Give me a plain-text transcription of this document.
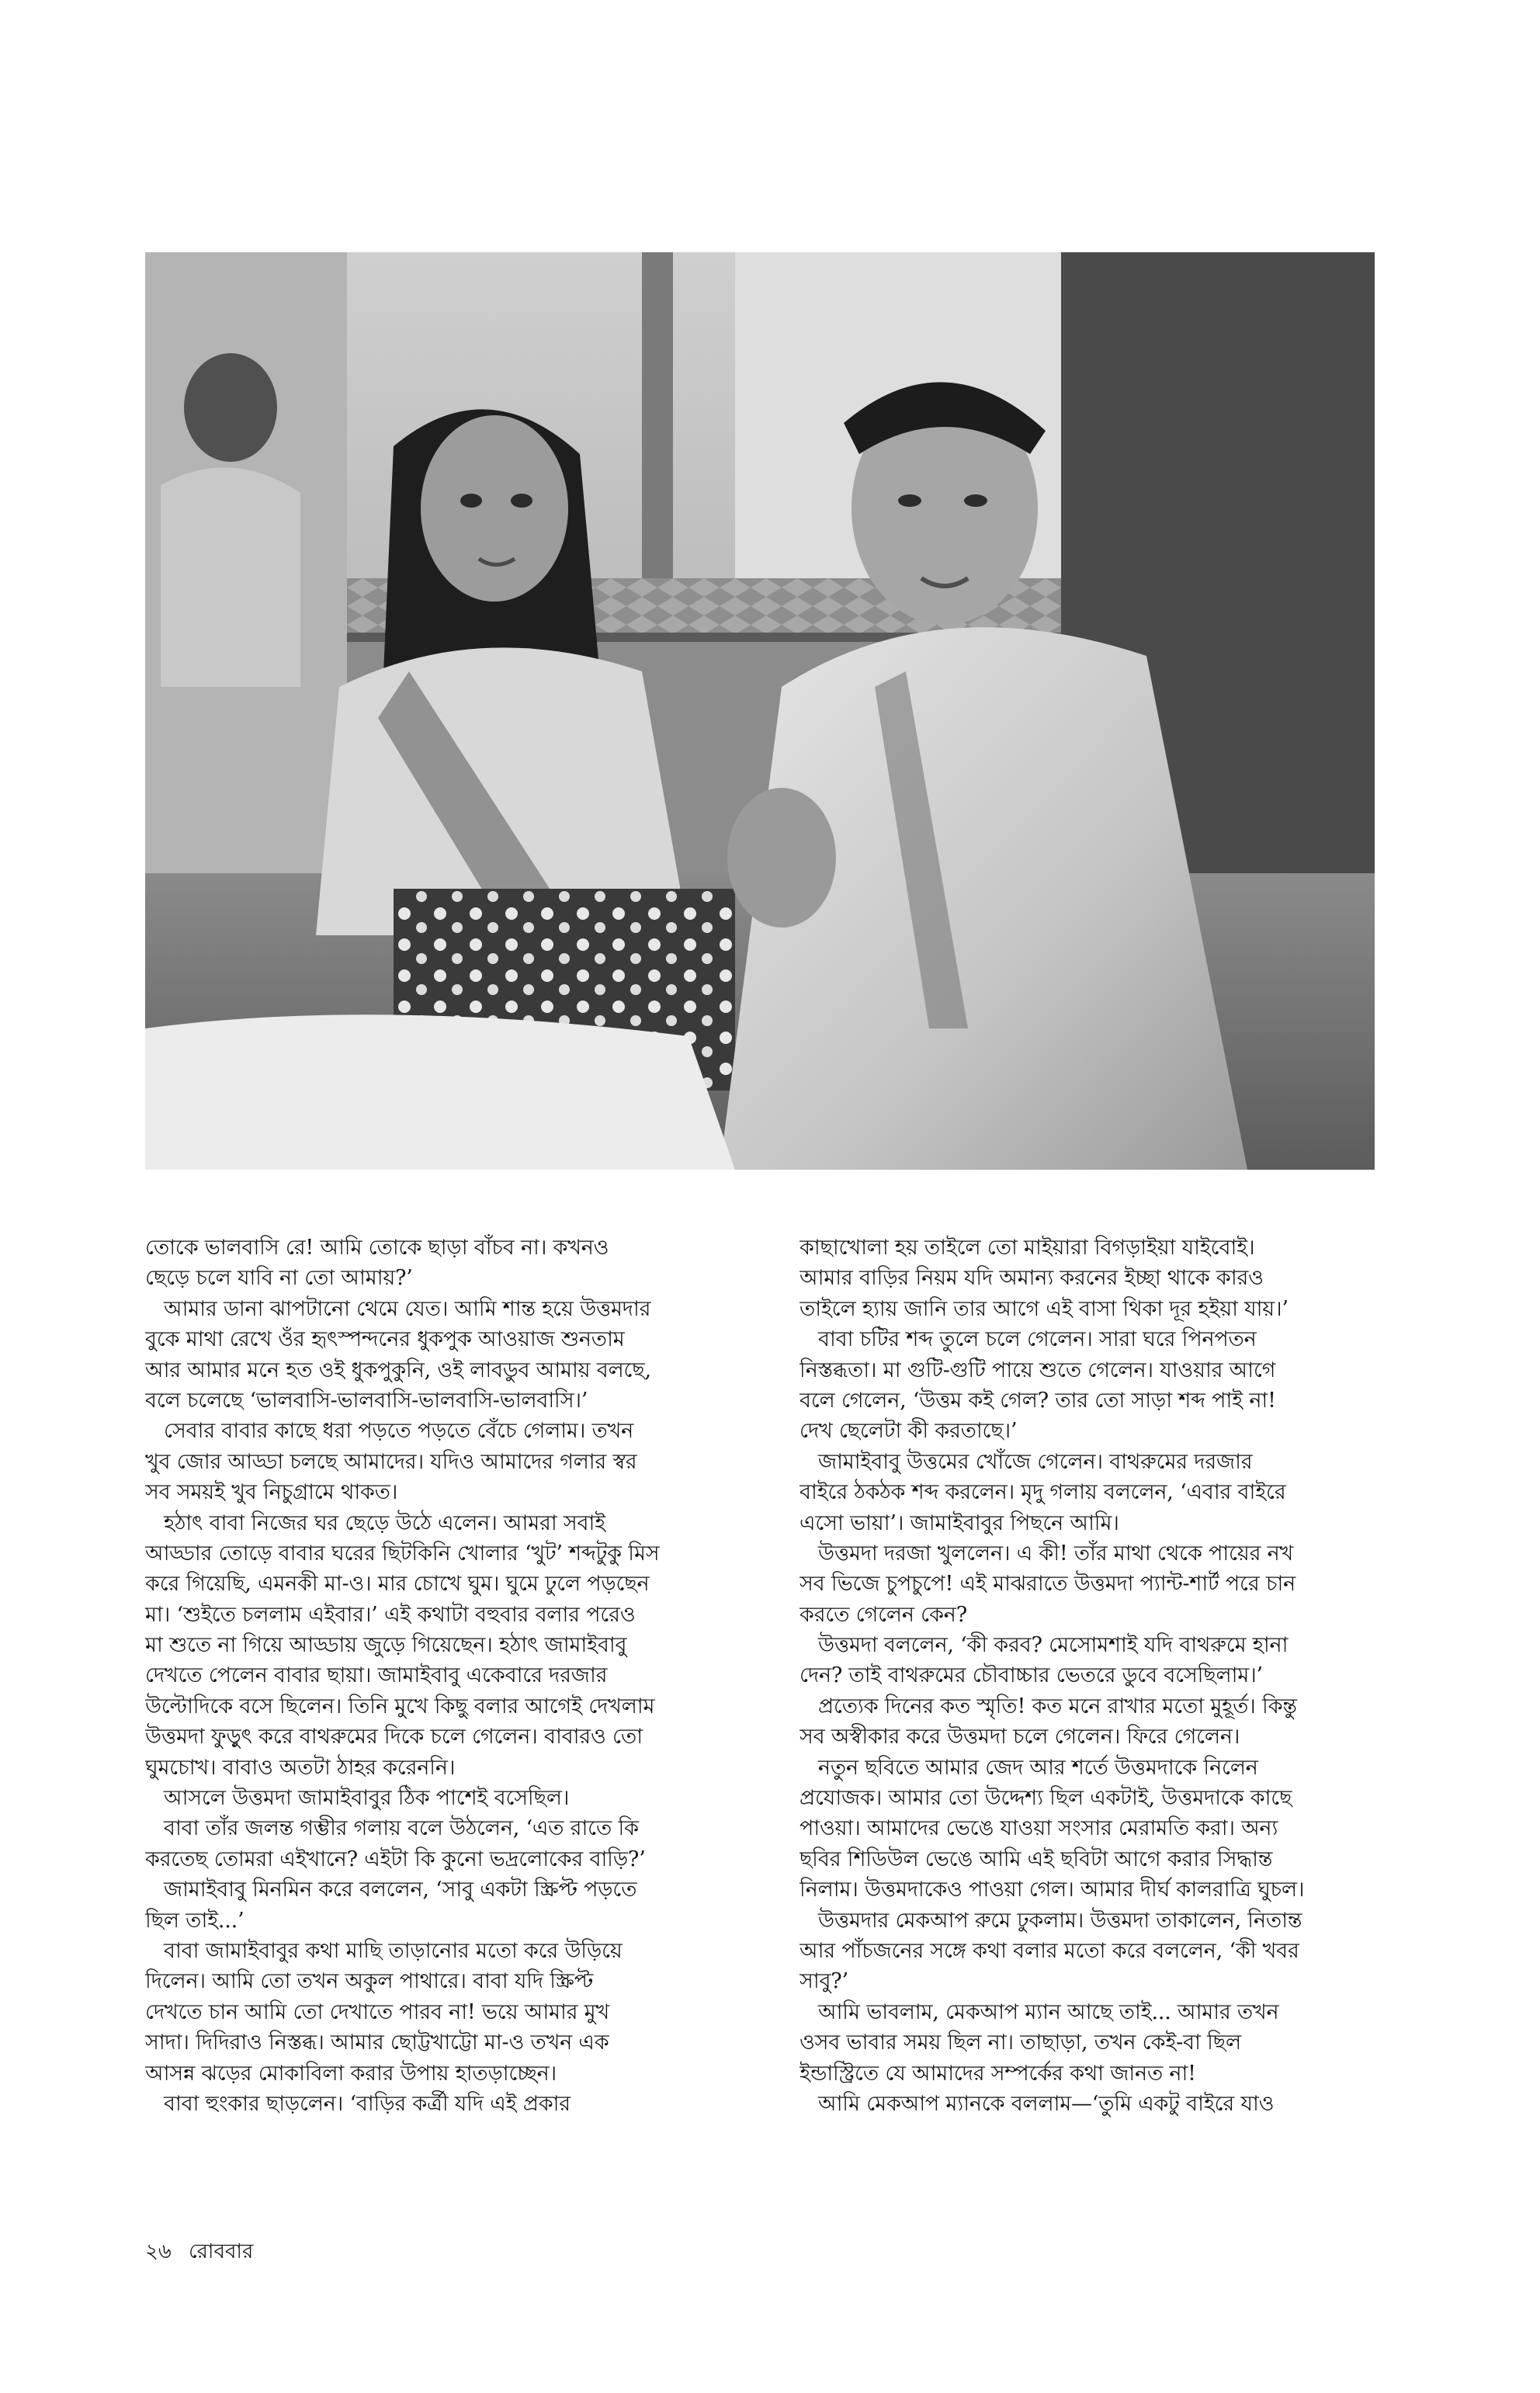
তোকে ভালবাসি রে! আমি তোকে ছাড়া বাঁচব না। কখনও
ছেড়ে চলে যাবি না তো আমায়?’
আমার ডানা ঝাপটানো থেমে যেত। আমি শান্ত হয়ে উত্তমদার
বুকে মাথা রেখে ওঁর হৃৎস্পন্দনের ধুকপুক আওয়াজ শুনতাম
আর আমার মনে হত ওই ধুকপুকুনি, ওই লাবডুব আমায় বলছে,
বলে চলেছে ‘ভালবাসি-ভালবাসি-ভালবাসি-ভালবাসি।’
সেবার বাবার কাছে ধরা পড়তে পড়তে বেঁচে গেলাম। তখন
খুব জোর আড্ডা চলছে আমাদের। যদিও আমাদের গলার স্বর
সব সময়ই খুব নিচুগ্রামে থাকত।
হঠাৎ বাবা নিজের ঘর ছেড়ে উঠে এলেন। আমরা সবাই
আড্ডার তোড়ে বাবার ঘরের ছিটকিনি খোলার ‘খুট’ শব্দটুকু মিস
করে গিয়েছি, এমনকী মা-ও। মার চোখে ঘুম। ঘুমে ঢুলে পড়ছেন
মা। ‘শুইতে চললাম এইবার।’ এই কথাটা বহুবার বলার পরেও
মা শুতে না গিয়ে আড্ডায় জুড়ে গিয়েছেন। হঠাৎ জামাইবাবু
দেখতে পেলেন বাবার ছায়া। জামাইবাবু একেবারে দরজার
উল্টোদিকে বসে ছিলেন। তিনি মুখে কিছু বলার আগেই দেখলাম
উত্তমদা ফুড়ুৎ করে বাথরুমের দিকে চলে গেলেন। বাবারও তো
ঘুমচোখ। বাবাও অতটা ঠাহর করেননি।
আসলে উত্তমদা জামাইবাবুর ঠিক পাশেই বসেছিল।
বাবা তাঁর জলন্ত গম্ভীর গলায় বলে উঠলেন, ‘এত রাতে কি
করতেছ তোমরা এইখানে? এইটা কি কুনো ভদ্রলোকের বাড়ি?’
জামাইবাবু মিনমিন করে বললেন, ‘সাবু একটা স্ক্রিপ্ট পড়তে
ছিল তাই...’
বাবা জামাইবাবুর কথা মাছি তাড়ানোর মতো করে উড়িয়ে
দিলেন। আমি তো তখন অকুল পাথারে। বাবা যদি স্ক্রিপ্ট
দেখতে চান আমি তো দেখাতে পারব না! ভয়ে আমার মুখ
সাদা। দিদিরাও নিস্তব্ধ। আমার ছোট্টখাট্টো মা-ও তখন এক
আসন্ন ঝড়ের মোকাবিলা করার উপায় হাতড়াচ্ছেন।
বাবা হুংকার ছাড়লেন। ‘বাড়ির কর্ত্রী যদি এই প্রকার
কাছাখোলা হয় তাইলে তো মাইয়ারা বিগড়াইয়া যাইবোই।
আমার বাড়ির নিয়ম যদি অমান্য করনের ইচ্ছা থাকে কারও
তাইলে হ্যায় জানি তার আগে এই বাসা থিকা দূর হইয়া যায়।’
বাবা চটির শব্দ তুলে চলে গেলেন। সারা ঘরে পিনপতন
নিস্তব্ধতা। মা গুটি-গুটি পায়ে শুতে গেলেন। যাওয়ার আগে
বলে গেলেন, ‘উত্তম কই গেল? তার তো সাড়া শব্দ পাই না!
দেখ ছেলেটা কী করতাছে।’
জামাইবাবু উত্তমের খোঁজে গেলেন। বাথরুমের দরজার
বাইরে ঠকঠক শব্দ করলেন। মৃদু গলায় বললেন, ‘এবার বাইরে
এসো ভায়া’। জামাইবাবুর পিছনে আমি।
উত্তমদা দরজা খুললেন। এ কী! তাঁর মাথা থেকে পায়ের নখ
সব ভিজে চুপচুপে! এই মাঝরাতে উত্তমদা প্যান্ট-শার্ট পরে চান
করতে গেলেন কেন?
উত্তমদা বললেন, ‘কী করব? মেসোমশাই যদি বাথরুমে হানা
দেন? তাই বাথরুমের চৌবাচ্চার ভেতরে ডুবে বসেছিলাম।’
প্রত্যেক দিনের কত স্মৃতি! কত মনে রাখার মতো মুহূর্ত। কিন্তু
সব অস্বীকার করে উত্তমদা চলে গেলেন। ফিরে গেলেন।
নতুন ছবিতে আমার জেদ আর শর্তে উত্তমদাকে নিলেন
প্রযোজক। আমার তো উদ্দেশ্য ছিল একটাই, উত্তমদাকে কাছে
পাওয়া। আমাদের ভেঙে যাওয়া সংসার মেরামতি করা। অন্য
ছবির শিডিউল ভেঙে আমি এই ছবিটা আগে করার সিদ্ধান্ত
নিলাম। উত্তমদাকেও পাওয়া গেল। আমার দীর্ঘ কালরাত্রি ঘুচল।
উত্তমদার মেকআপ রুমে ঢুকলাম। উত্তমদা তাকালেন, নিতান্ত
আর পাঁচজনের সঙ্গে কথা বলার মতো করে বললেন, ‘কী খবর
সাবু?’
আমি ভাবলাম, মেকআপ ম্যান আছে তাই... আমার তখন
ওসব ভাবার সময় ছিল না। তাছাড়া, তখন কেই-বা ছিল
ইন্ডাস্ট্রিতে যে আমাদের সম্পর্কের কথা জানত না!
আমি মেকআপ ম্যানকে বললাম—‘তুমি একটু বাইরে যাও
২৬ রোববার
